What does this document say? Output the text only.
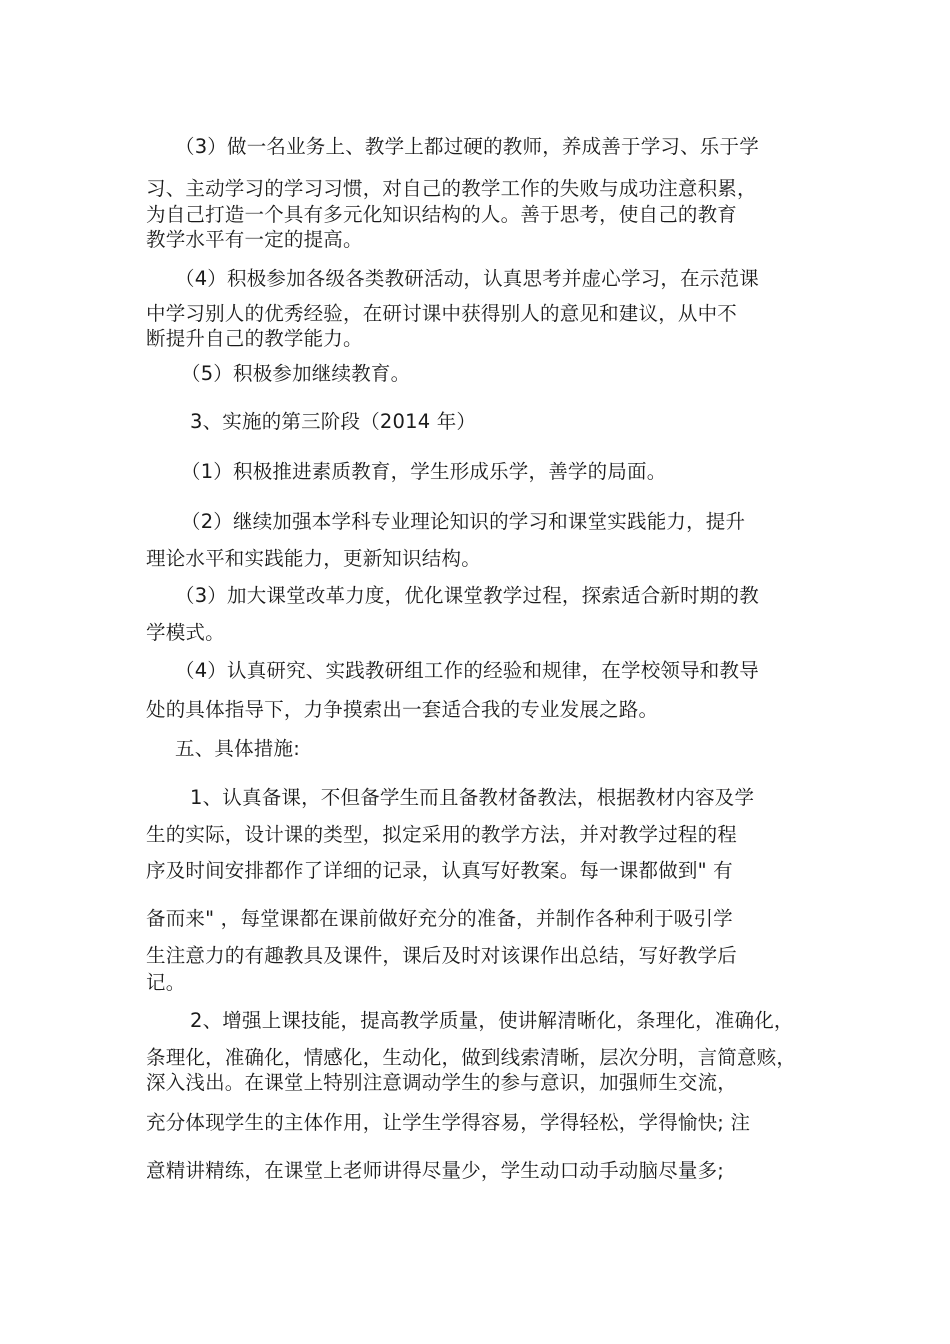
（3）做一名业务上、教学上都过硬的教师，养成善于学习、乐于学
习、主动学习的学习习惯，对自己的教学工作的失败与成功注意积累，
为自己打造一个具有多元化知识结构的人。善于思考，使自己的教育
教学水平有一定的提高。
（4）积极参加各级各类教研活动，认真思考并虚心学习，在示范课
中学习别人的优秀经验，在研讨课中获得别人的意见和建议，从中不
断提升自己的教学能力。
（5）积极参加继续教育。
3、实施的第三阶段（2014 年）
（1）积极推进素质教育，学生形成乐学，善学的局面。
（2）继续加强本学科专业理论知识的学习和课堂实践能力，提升
理论水平和实践能力，更新知识结构。
（3）加大课堂改革力度，优化课堂教学过程，探索适合新时期的教
学模式。
（4）认真研究、实践教研组工作的经验和规律，在学校领导和教导
处的具体指导下，力争摸索出一套适合我的专业发展之路。
五、具体措施:
1、认真备课，不但备学生而且备教材备教法，根据教材内容及学
生的实际，设计课的类型，拟定采用的教学方法，并对教学过程的程
序及时间安排都作了详细的记录，认真写好教案。每一课都做到" 有
备而来" ，每堂课都在课前做好充分的准备，并制作各种利于吸引学
生注意力的有趣教具及课件，课后及时对该课作出总结，写好教学后
记。
2、增强上课技能，提高教学质量，使讲解清晰化，条理化，准确化，
条理化，准确化，情感化，生动化，做到线索清晰，层次分明，言简意赅，
深入浅出。在课堂上特别注意调动学生的参与意识，加强师生交流，
充分体现学生的主体作用，让学生学得容易，学得轻松，学得愉快; 注
意精讲精练，在课堂上老师讲得尽量少，学生动口动手动脑尽量多;
